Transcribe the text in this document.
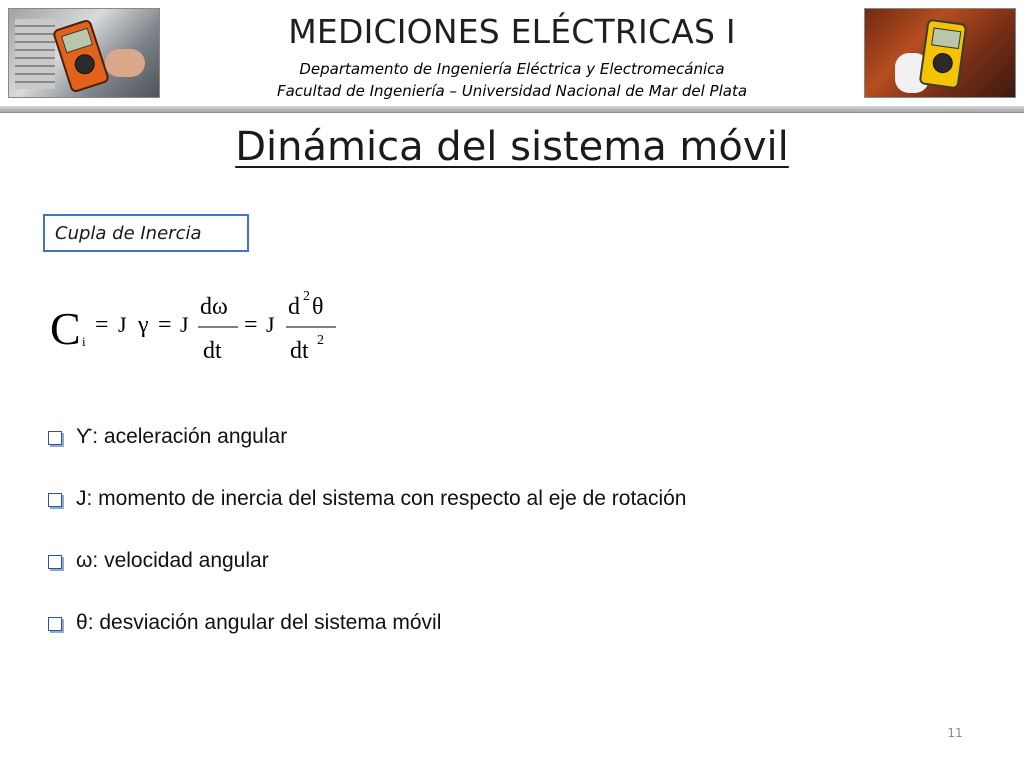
MEDICIONES ELÉCTRICAS I
Departamento de Ingeniería Eléctrica y Electromecánica
Facultad de Ingeniería – Universidad Nacional de Mar del Plata
Dinámica del sistema móvil
Cupla de Inercia
C i
= J γ = J
dω
dt
= J
d 2 θ
dt 2
ϒ : aceleración angular
J : momento de inercia del sistema con respecto al eje de rotación
ω : velocidad angular
θ : desviación angular del sistema móvil
11
